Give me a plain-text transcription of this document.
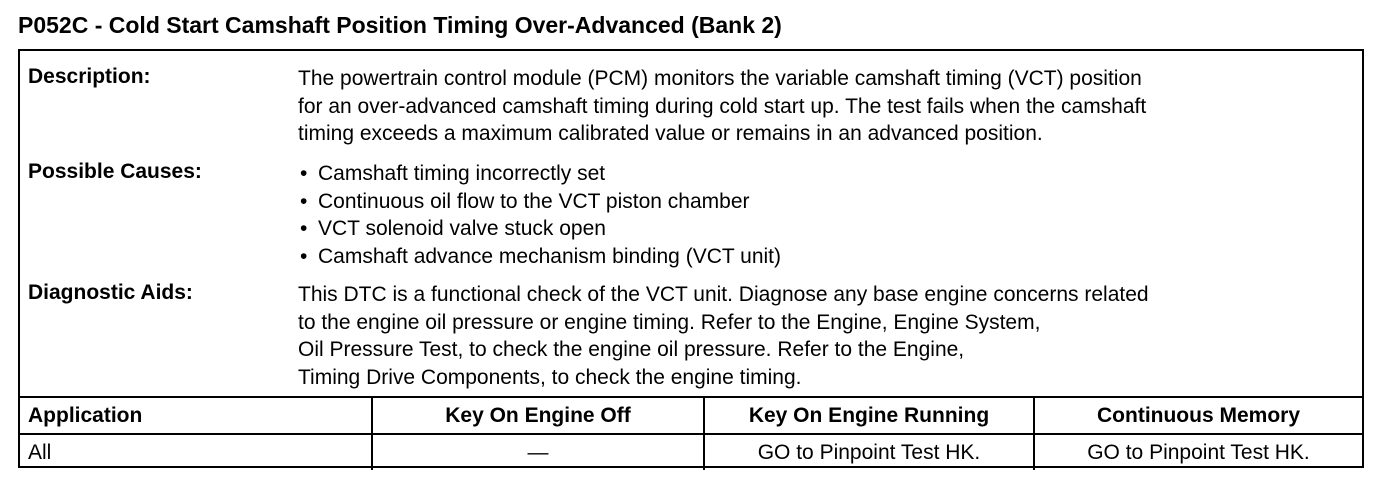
P052C - Cold Start Camshaft Position Timing Over-Advanced (Bank 2)
Description:	The powertrain control module (PCM) monitors the variable camshaft timing (VCT) position
for an over-advanced camshaft timing during cold start up. The test fails when the camshaft
timing exceeds a maximum calibrated value or remains in an advanced position.
Possible Causes:	• Camshaft timing incorrectly set
• Continuous oil flow to the VCT piston chamber
• VCT solenoid valve stuck open
• Camshaft advance mechanism binding (VCT unit)
Diagnostic Aids:	This DTC is a functional check of the VCT unit. Diagnose any base engine concerns related
to the engine oil pressure or engine timing. Refer to the Engine, Engine System,
Oil Pressure Test, to check the engine oil pressure. Refer to the Engine,
Timing Drive Components, to check the engine timing.
Application	Key On Engine Off	Key On Engine Running	Continuous Memory
All	—	GO to Pinpoint Test HK.	GO to Pinpoint Test HK.
